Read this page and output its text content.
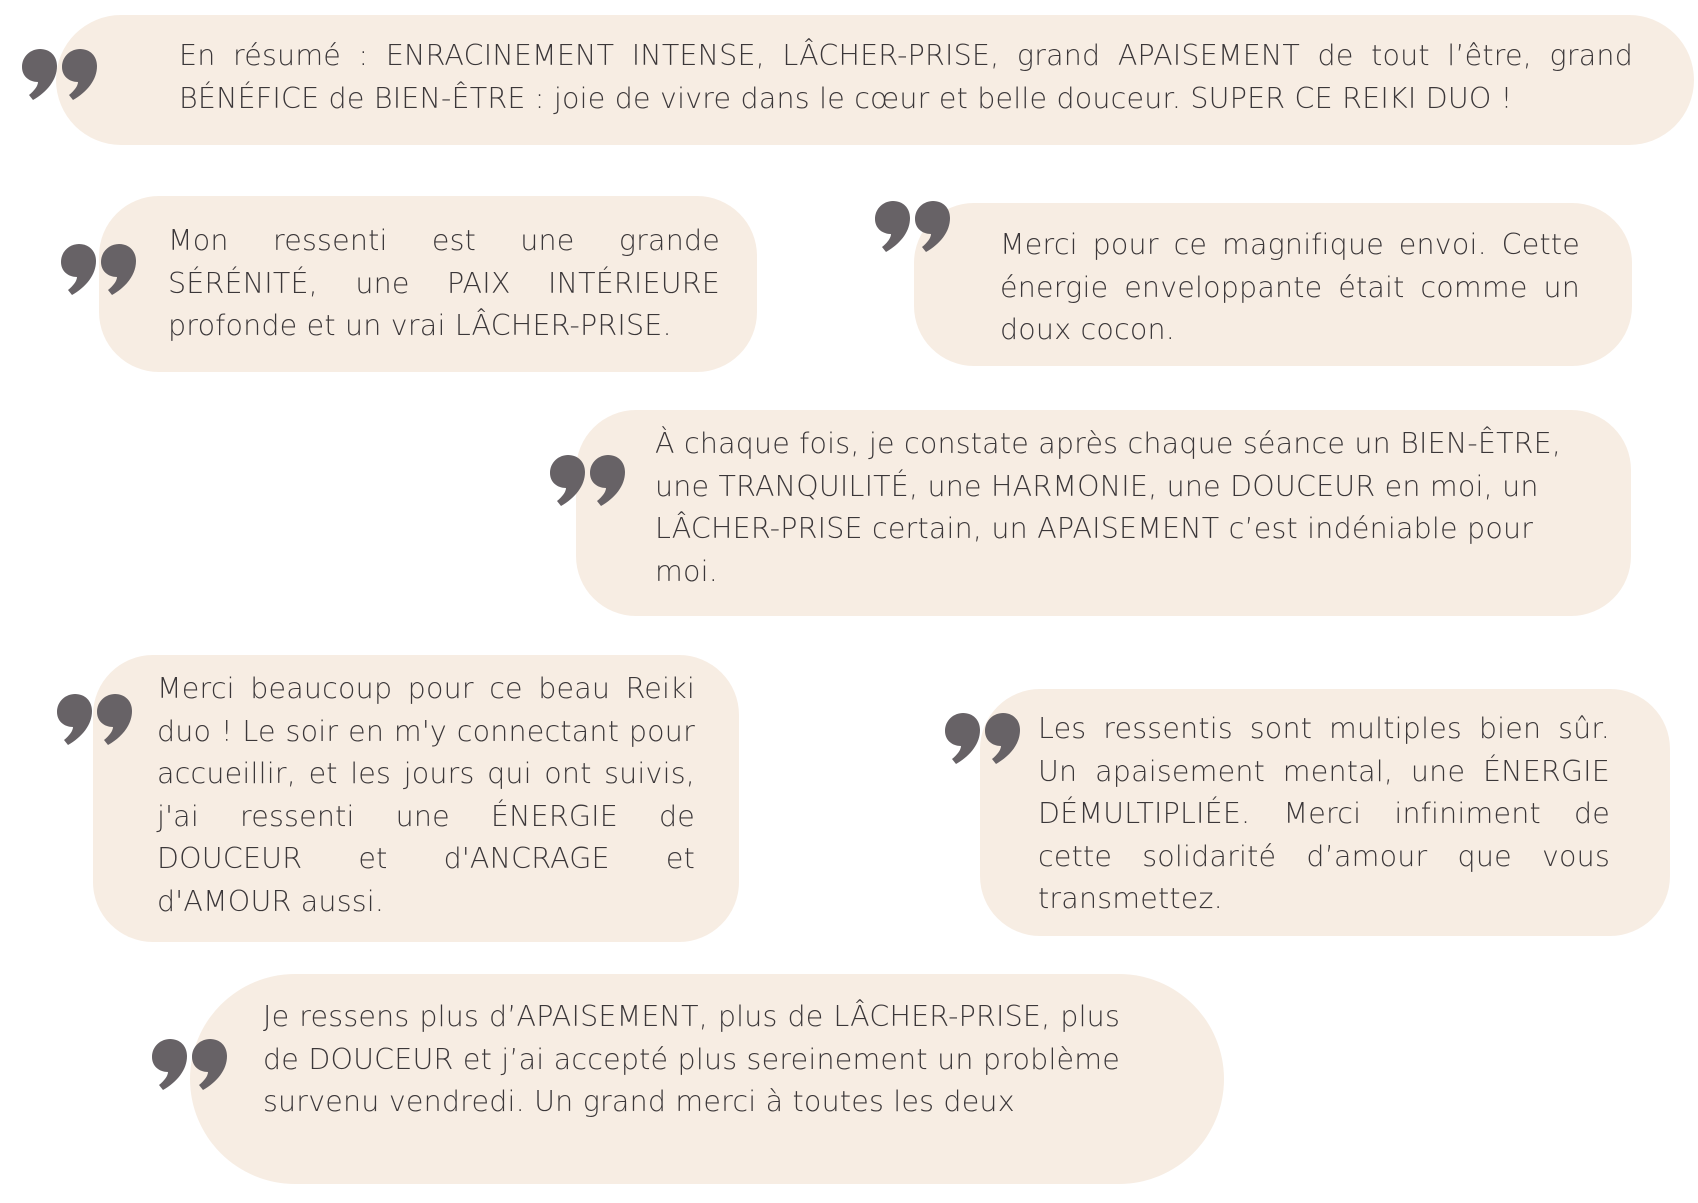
En résumé : ENRACINEMENT INTENSE, LÂCHER-PRISE, grand APAISEMENT de tout l’être, grand BÉNÉFICE de BIEN-ÊTRE : joie de vivre dans le cœur et belle douceur. SUPER CE REIKI DUO !
Mon ressenti est une grande SÉRÉNITÉ, une PAIX INTÉRIEURE profonde et un vrai LÂCHER-PRISE.
Merci pour ce magnifique envoi. Cette énergie enveloppante était comme un doux cocon.
À chaque fois, je constate après chaque séance un BIEN-ÊTRE, une TRANQUILITÉ, une HARMONIE, une DOUCEUR en moi, un LÂCHER-PRISE certain, un APAISEMENT c’est indéniable pour moi.
Merci beaucoup pour ce beau Reiki duo ! Le soir en m'y connectant pour accueillir, et les jours qui ont suivis, j'ai ressenti une ÉNERGIE de DOUCEUR et d'ANCRAGE et d'AMOUR aussi.
Les ressentis sont multiples bien sûr. Un apaisement mental, une ÉNERGIE DÉMULTIPLIÉE. Merci infiniment de cette solidarité d’amour que vous transmettez.
Je ressens plus d’APAISEMENT, plus de LÂCHER-PRISE, plus de DOUCEUR et j’ai accepté plus sereinement un problème survenu vendredi. Un grand merci à toutes les deux
